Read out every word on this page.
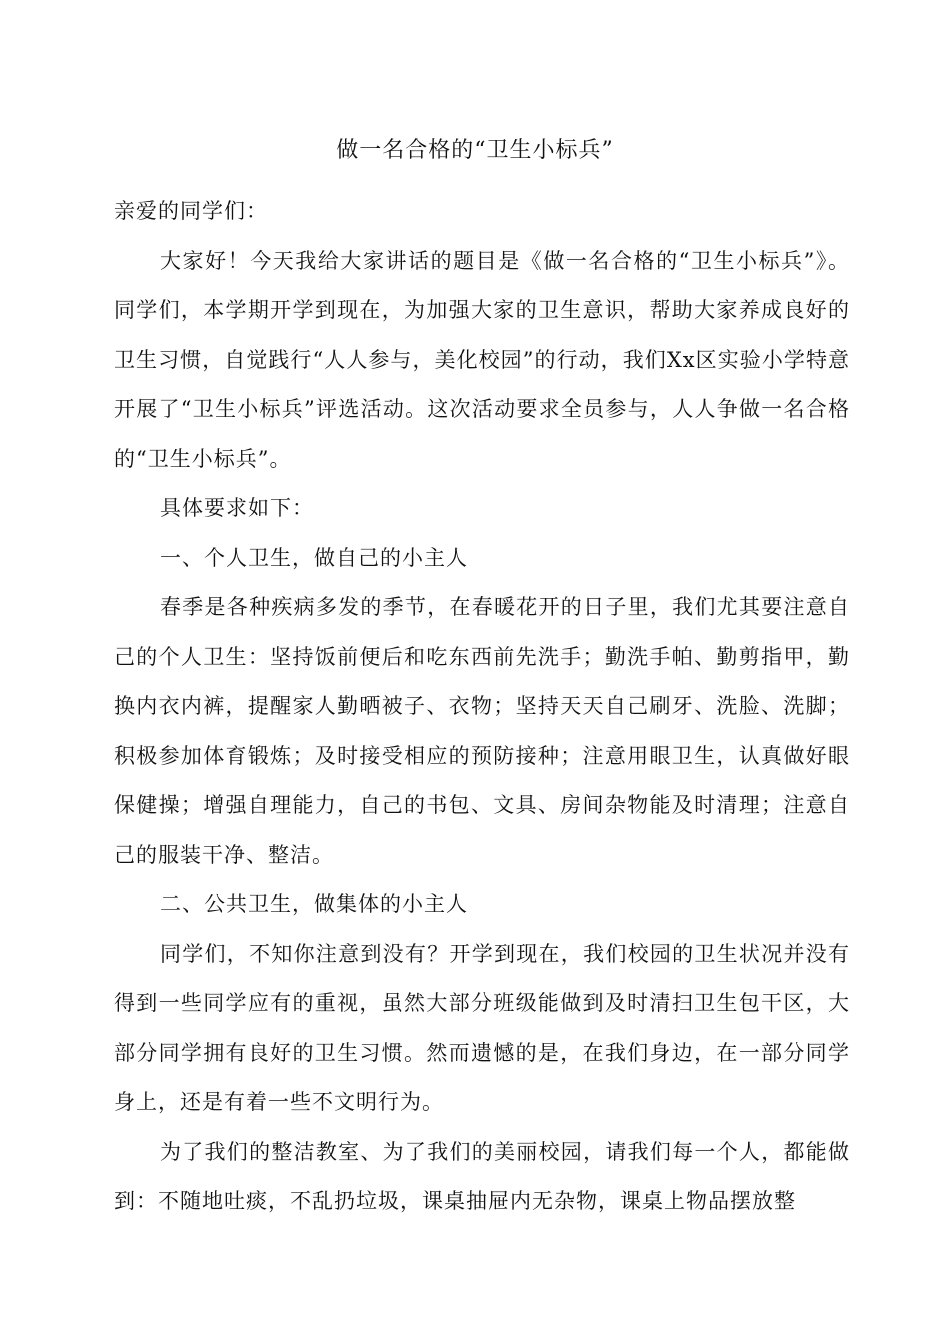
做一名合格的“卫生小标兵”

亲爱的同学们：

大家好！今天我给大家讲话的题目是《做一名合格的“卫生小标兵”》。 同学们，本学期开学到现在，为加强大家的卫生意识，帮助大家养成良好的卫生习惯，自觉践行“人人参与，美化校园”的行动，我们Xx区实验小学特意开展了“卫生小标兵”评选活动。这次活动要求全员参与，人人争做一名合格的“卫生小标兵”。

具体要求如下：

一、个人卫生，做自己的小主人

春季是各种疾病多发的季节，在春暖花开的日子里，我们尤其要注意自己的个人卫生：坚持饭前便后和吃东西前先洗手；勤洗手帕、勤剪指甲，勤换内衣内裤，提醒家人勤晒被子、衣物；坚持天天自己刷牙、洗脸、洗脚；积极参加体育锻炼；及时接受相应的预防接种；注意用眼卫生，认真做好眼保健操；增强自理能力，自己的书包、文具、房间杂物能及时清理；注意自己的服装干净、整洁。

二、公共卫生，做集体的小主人

同学们，不知你注意到没有？开学到现在，我们校园的卫生状况并没有得到一些同学应有的重视，虽然大部分班级能做到及时清扫卫生包干区，大部分同学拥有良好的卫生习惯。然而遗憾的是，在我们身边，在一部分同学身上，还是有着一些不文明行为。

为了我们的整洁教室、为了我们的美丽校园，请我们每一个人，都能做到：不随地吐痰，不乱扔垃圾，课桌抽屉内无杂物，课桌上物品摆放整
